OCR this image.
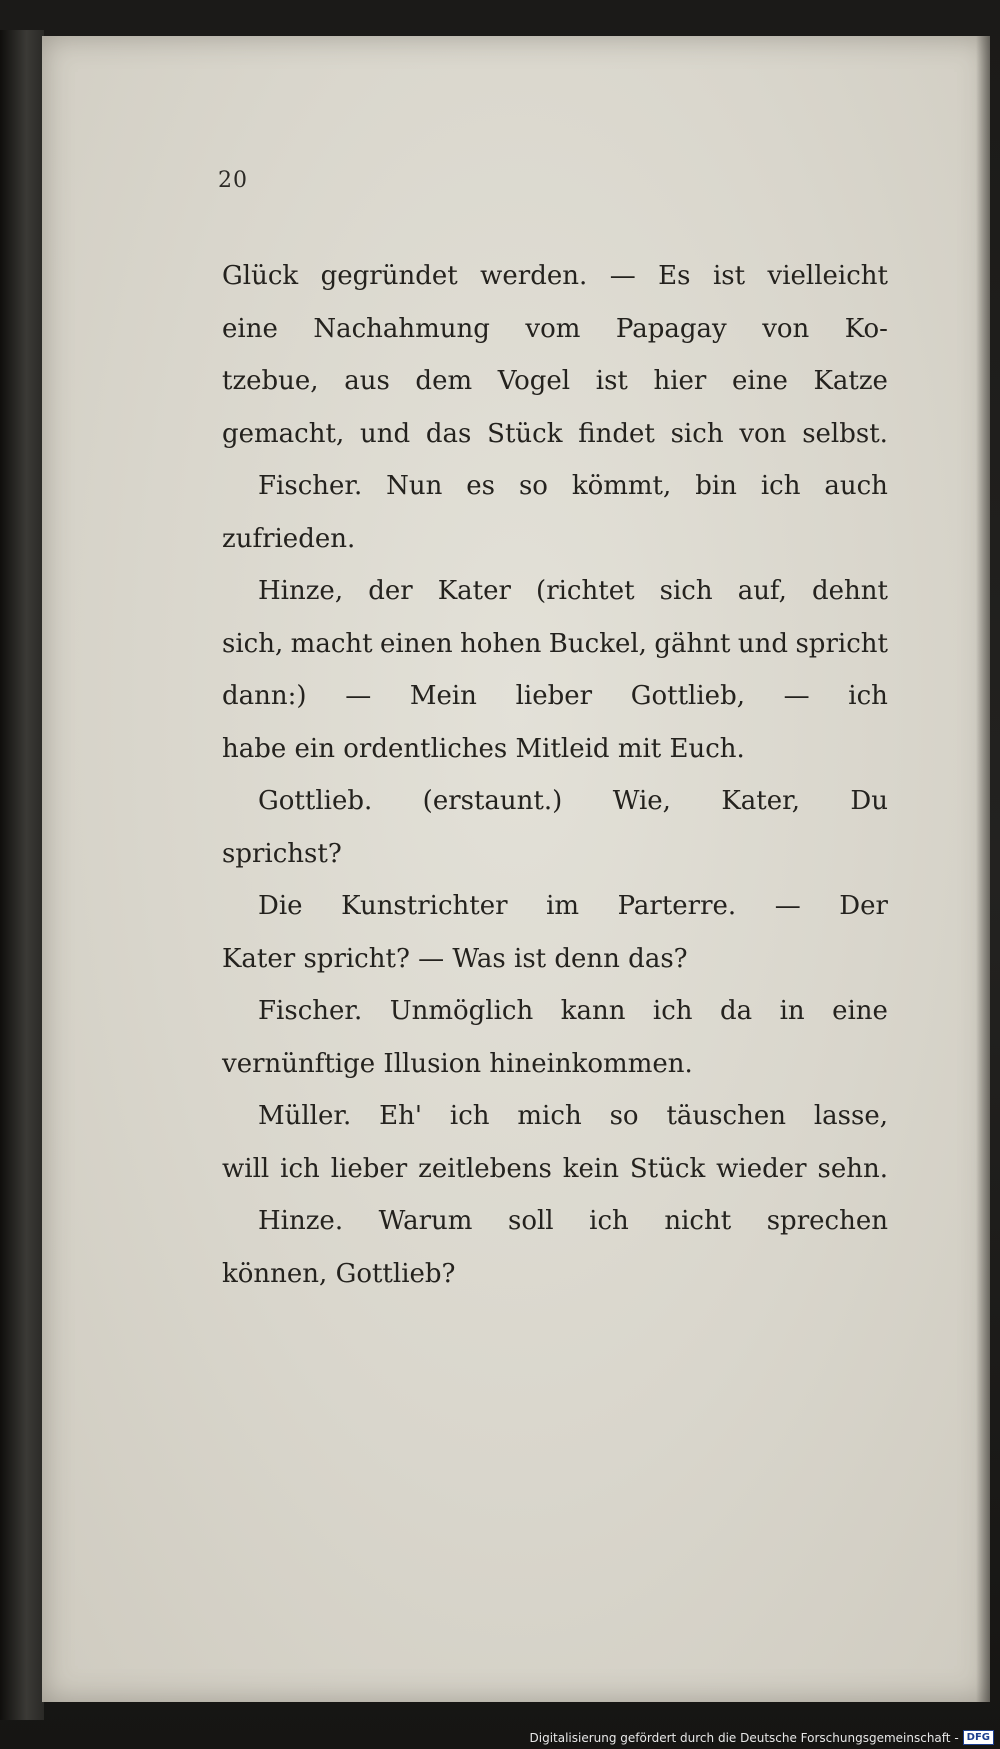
20
Glück gegründet werden. — Es ist vielleicht
eine Nachahmung vom Papagay von Ko-
tzebue, aus dem Vogel ist hier eine Katze
gemacht, und das Stück findet sich von selbst.
Fischer. Nun es so kömmt, bin ich auch
zufrieden.
Hinze, der Kater (richtet sich auf, dehnt
sich, macht einen hohen Buckel, gähnt und spricht
dann:) — Mein lieber Gottlieb, — ich
habe ein ordentliches Mitleid mit Euch.
Gottlieb. (erstaunt.) Wie, Kater, Du
sprichst?
Die Kunstrichter im Parterre. — Der
Kater spricht? — Was ist denn das?
Fischer. Unmöglich kann ich da in eine
vernünftige Illusion hineinkommen.
Müller. Eh' ich mich so täuschen lasse,
will ich lieber zeitlebens kein Stück wieder sehn.
Hinze. Warum soll ich nicht sprechen
können, Gottlieb?
Digitalisierung gefördert durch die Deutsche Forschungsgemeinschaft - DFG
